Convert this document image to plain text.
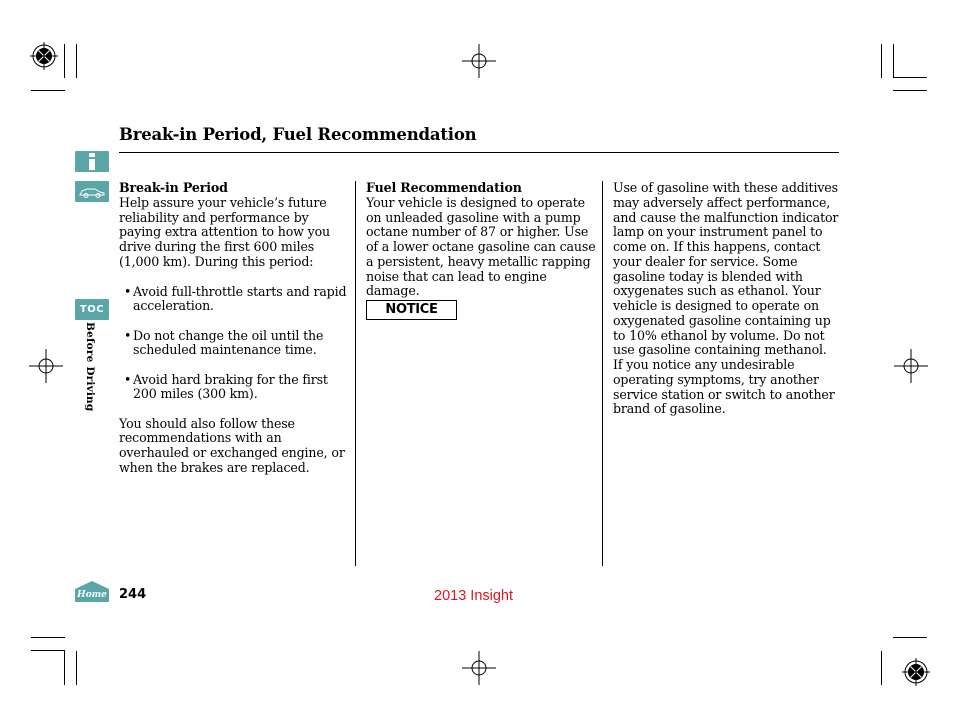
Break-in Period, Fuel Recommendation
TOC
Before Driving

Break-in Period

Help assure your vehicle’s future reliability and performance by paying extra attention to how you drive during the first 600 miles (1,000 km). During this period:

• Avoid full-throttle starts and rapid acceleration.

• Do not change the oil until the scheduled maintenance time.

• Avoid hard braking for the first 200 miles (300 km).

You should also follow these recommendations with an overhauled or exchanged engine, or when the brakes are replaced.

Fuel Recommendation

Your vehicle is designed to operate on unleaded gasoline with a pump octane number of 87 or higher. Use of a lower octane gasoline can cause a persistent, heavy metallic rapping noise that can lead to engine damage.

NOTICE

Use of gasoline with these additives may adversely affect performance, and cause the malfunction indicator lamp on your instrument panel to come on. If this happens, contact your dealer for service. Some gasoline today is blended with oxygenates such as ethanol. Your vehicle is designed to operate on oxygenated gasoline containing up to 10% ethanol by volume. Do not use gasoline containing methanol. If you notice any undesirable operating symptoms, try another service station or switch to another brand of gasoline.

Home 244	2013 Insight
